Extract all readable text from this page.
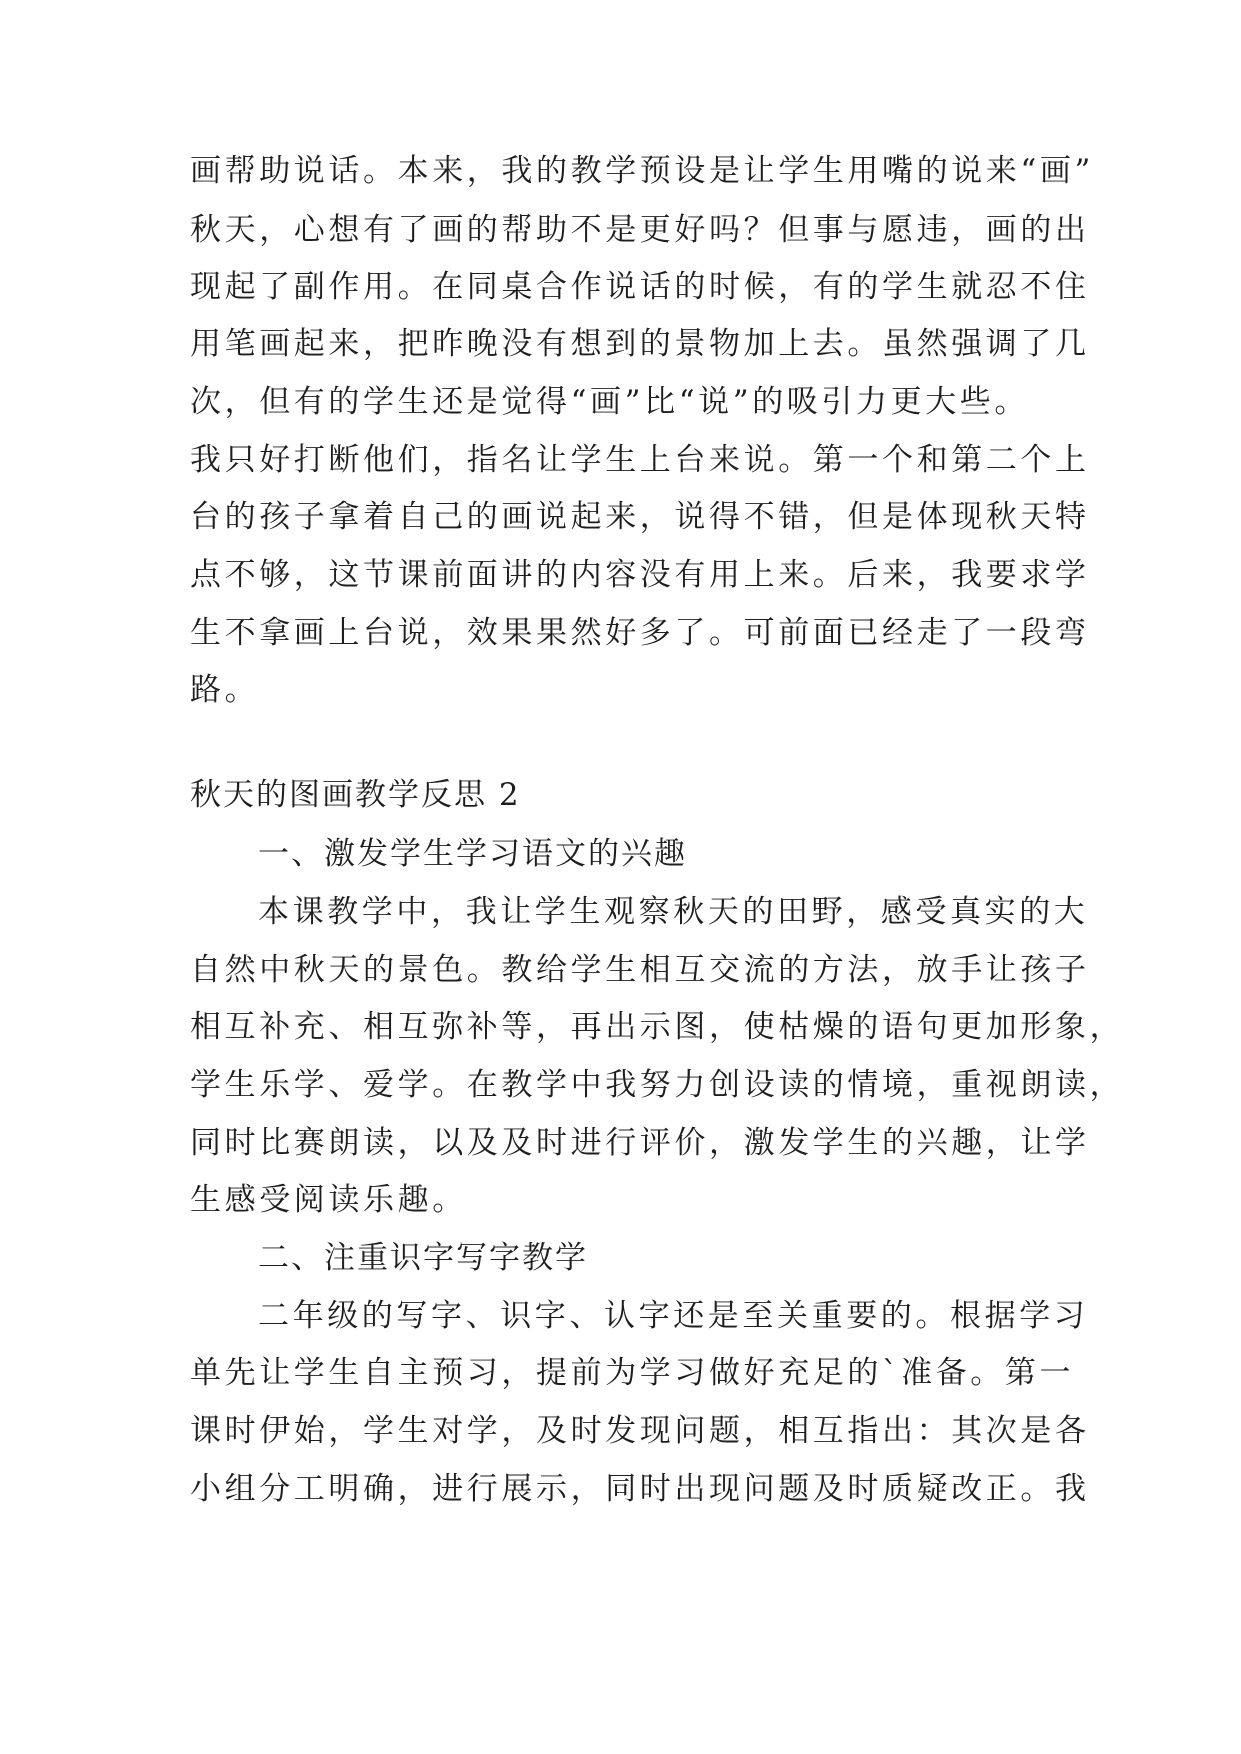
画帮助说话。本来，我的教学预设是让学生用嘴的说来“画”
秋天，心想有了画的帮助不是更好吗？但事与愿违，画的出
现起了副作用。在同桌合作说话的时候，有的学生就忍不住
用笔画起来，把昨晚没有想到的景物加上去。虽然强调了几
次，但有的学生还是觉得“画”比“说”的吸引力更大些。
我只好打断他们，指名让学生上台来说。第一个和第二个上
台的孩子拿着自己的画说起来，说得不错，但是体现秋天特
点不够，这节课前面讲的内容没有用上来。后来，我要求学
生不拿画上台说，效果果然好多了。可前面已经走了一段弯
路。
秋天的图画教学反思 2
一、激发学生学习语文的兴趣
本课教学中，我让学生观察秋天的田野，感受真实的大
自然中秋天的景色。教给学生相互交流的方法，放手让孩子
相互补充、相互弥补等，再出示图，使枯燥的语句更加形象，
学生乐学、爱学。在教学中我努力创设读的情境，重视朗读，
同时比赛朗读，以及及时进行评价，激发学生的兴趣，让学
生感受阅读乐趣。
二、注重识字写字教学
二年级的写字、识字、认字还是至关重要的。根据学习
单先让学生自主预习，提前为学习做好充足的`准备。第一
课时伊始，学生对学，及时发现问题，相互指出：其次是各
小组分工明确，进行展示，同时出现问题及时质疑改正。我
